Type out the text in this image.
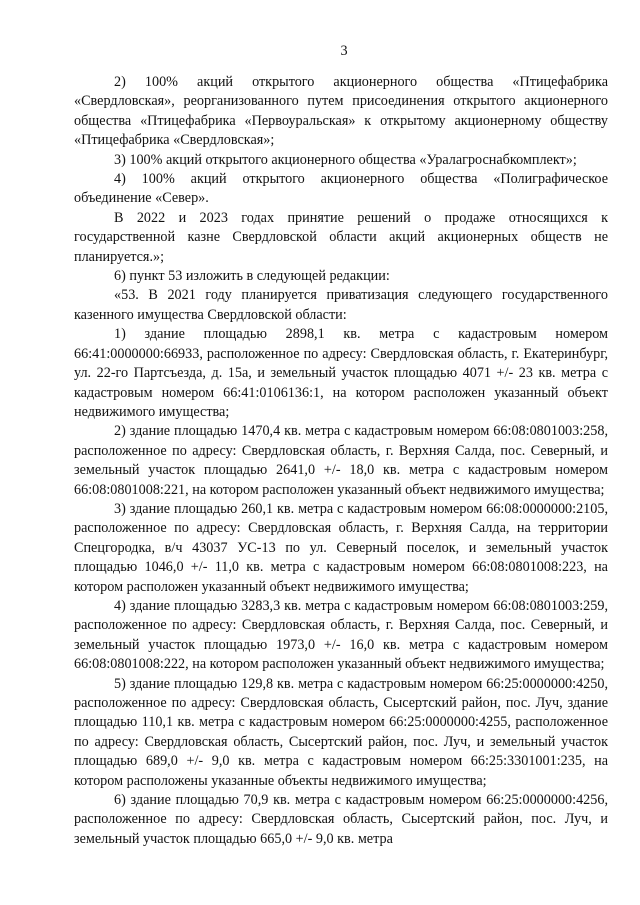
3

2) 100% акций открытого акционерного общества «Птицефабрика «Свердловская», реорганизованного путем присоединения открытого акционерного общества «Птицефабрика «Первоуральская» к открытому акционерному обществу «Птицефабрика «Свердловская»;

3) 100% акций открытого акционерного общества «Уралагроснабкомплект»;

4) 100% акций открытого акционерного общества «Полиграфическое объединение «Север».

В 2022 и 2023 годах принятие решений о продаже относящихся к государственной казне Свердловской области акций акционерных обществ не планируется.»;

6) пункт 53 изложить в следующей редакции:

«53. В 2021 году планируется приватизация следующего государственного казенного имущества Свердловской области:

1) здание площадью 2898,1 кв. метра с кадастровым номером 66:41:0000000:66933, расположенное по адресу: Свердловская область, г. Екатеринбург, ул. 22-го Партсъезда, д. 15а, и земельный участок площадью 4071 +/- 23 кв. метра с кадастровым номером 66:41:0106136:1, на котором расположен указанный объект недвижимого имущества;

2) здание площадью 1470,4 кв. метра с кадастровым номером 66:08:0801003:258, расположенное по адресу: Свердловская область, г. Верхняя Салда, пос. Северный, и земельный участок площадью 2641,0 +/- 18,0 кв. метра с кадастровым номером 66:08:0801008:221, на котором расположен указанный объект недвижимого имущества;

3) здание площадью 260,1 кв. метра с кадастровым номером 66:08:0000000:2105, расположенное по адресу: Свердловская область, г. Верхняя Салда, на территории Спецгородка, в/ч 43037 УС-13 по ул. Северный поселок, и земельный участок площадью 1046,0 +/- 11,0 кв. метра с кадастровым номером 66:08:0801008:223, на котором расположен указанный объект недвижимого имущества;

4) здание площадью 3283,3 кв. метра с кадастровым номером 66:08:0801003:259, расположенное по адресу: Свердловская область, г. Верхняя Салда, пос. Северный, и земельный участок площадью 1973,0 +/- 16,0 кв. метра с кадастровым номером 66:08:0801008:222, на котором расположен указанный объект недвижимого имущества;

5) здание площадью 129,8 кв. метра с кадастровым номером 66:25:0000000:4250, расположенное по адресу: Свердловская область, Сысертский район, пос. Луч, здание площадью 110,1 кв. метра с кадастровым номером 66:25:0000000:4255, расположенное по адресу: Свердловская область, Сысертский район, пос. Луч, и земельный участок площадью 689,0 +/- 9,0 кв. метра с кадастровым номером 66:25:3301001:235, на котором расположены указанные объекты недвижимого имущества;

6) здание площадью 70,9 кв. метра с кадастровым номером 66:25:0000000:4256, расположенное по адресу: Свердловская область, Сысертский район, пос. Луч, и земельный участок площадью 665,0 +/- 9,0 кв. метра
